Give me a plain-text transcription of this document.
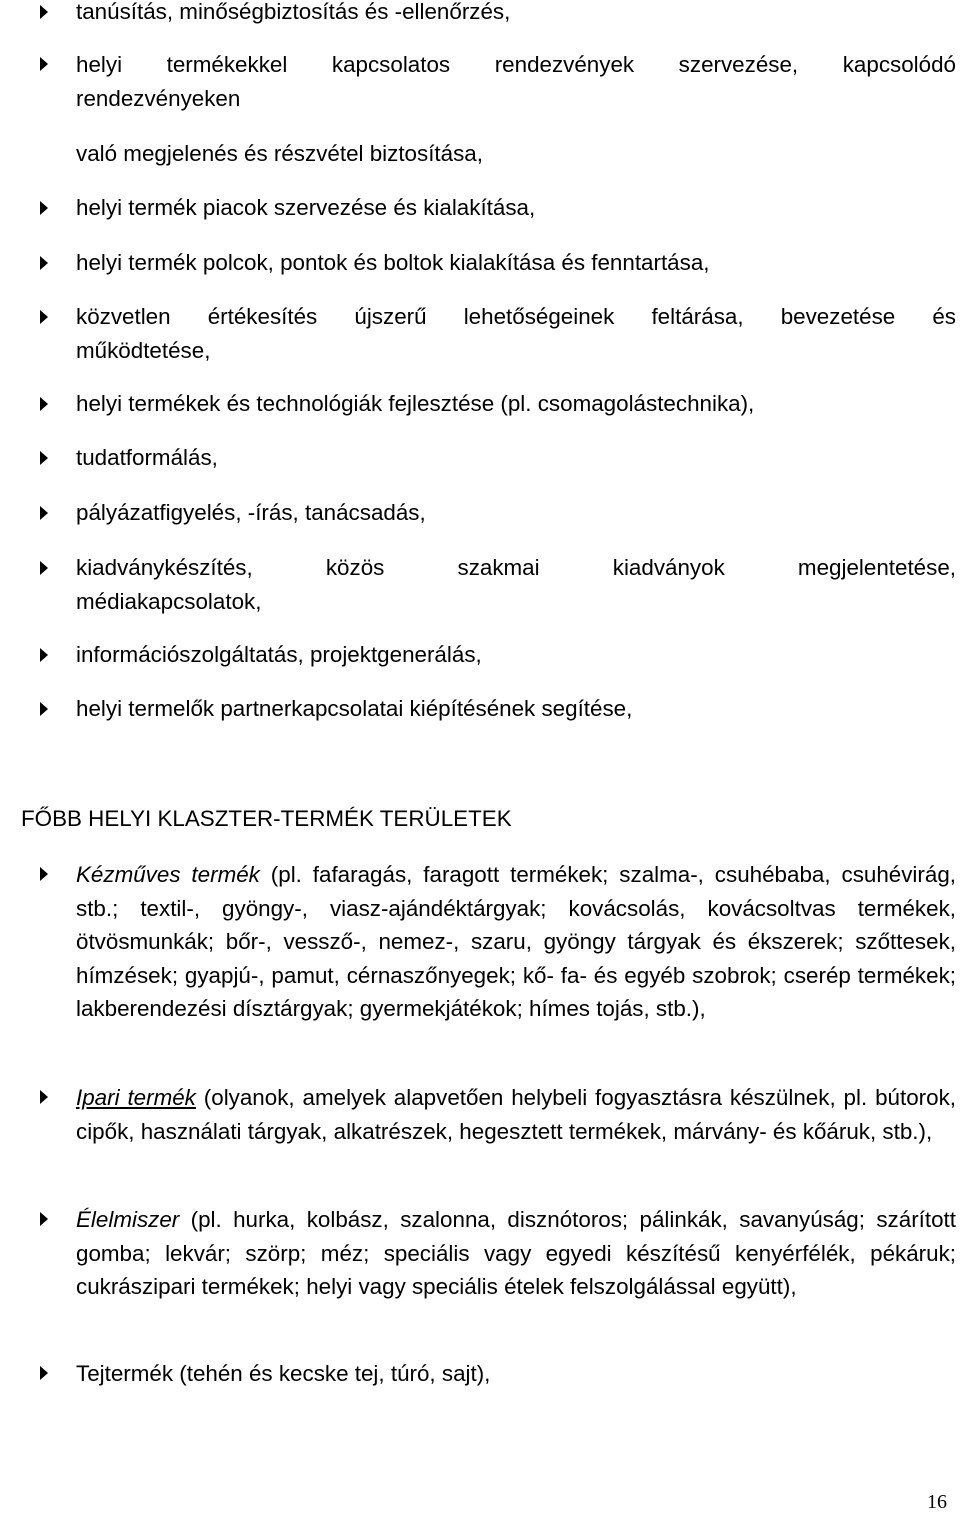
tanúsítás, minőségbiztosítás és -ellenőrzés,
helyi termékekkel kapcsolatos rendezvények szervezése, kapcsolódó
rendezvényeken
való megjelenés és részvétel biztosítása,
helyi termék piacok szervezése és kialakítása,
helyi termék polcok, pontok és boltok kialakítása és fenntartása,
közvetlen értékesítés újszerű lehetőségeinek feltárása, bevezetése és
működtetése,
helyi termékek és technológiák fejlesztése (pl. csomagolástechnika),
tudatformálás,
pályázatfigyelés, -írás, tanácsadás,
kiadványkészítés, közös szakmai kiadványok megjelentetése,
médiakapcsolatok,
információszolgáltatás, projektgenerálás,
helyi termelők partnerkapcsolatai kiépítésének segítése,
FŐBB HELYI KLASZTER-TERMÉK TERÜLETEK
Kézműves termék (pl. fafaragás, faragott termékek; szalma-, csuhébaba, csuhévirág, stb.; textil-, gyöngy-, viasz-ajándéktárgyak; kovácsolás, kovácsoltvas termékek, ötvösmunkák; bőr-, vessző-, nemez-, szaru, gyöngy tárgyak és ékszerek; szőttesek, hímzések; gyapjú-, pamut, cérnaszőnyegek; kő- fa- és egyéb szobrok; cserép termékek; lakberendezési dísztárgyak; gyermekjátékok; hímes tojás, stb.),
Ipari termék (olyanok, amelyek alapvetően helybeli fogyasztásra készülnek, pl. bútorok, cipők, használati tárgyak, alkatrészek, hegesztett termékek, márvány- és kőáruk, stb.),
Élelmiszer (pl. hurka, kolbász, szalonna, disznótoros; pálinkák, savanyúság; szárított gomba; lekvár; szörp; méz; speciális vagy egyedi készítésű kenyérfélék, pékáruk; cukrászipari termékek; helyi vagy speciális ételek felszolgálással együtt),
Tejtermék (tehén és kecske tej, túró, sajt),
16
